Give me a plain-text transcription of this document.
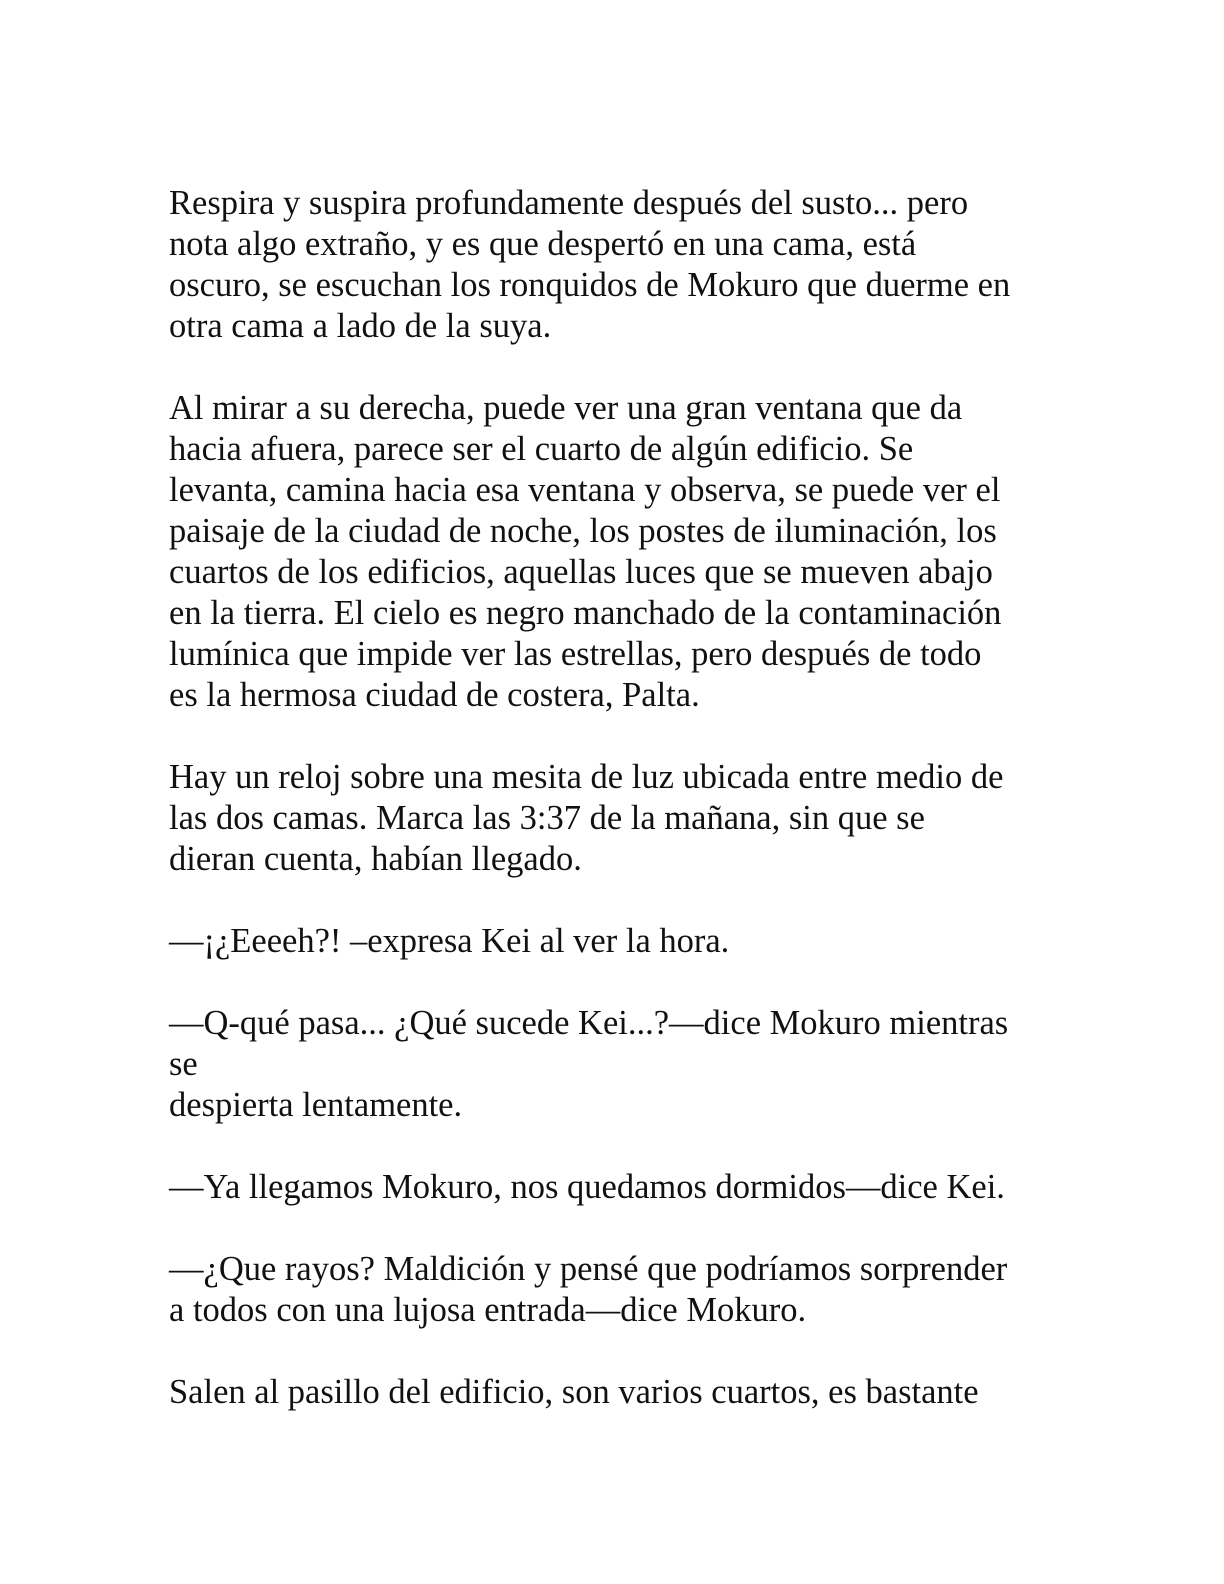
Respira y suspira profundamente después del susto... pero
nota algo extraño, y es que despertó en una cama, está
oscuro, se escuchan los ronquidos de Mokuro que duerme en
otra cama a lado de la suya.

Al mirar a su derecha, puede ver una gran ventana que da
hacia afuera, parece ser el cuarto de algún edificio. Se
levanta, camina hacia esa ventana y observa, se puede ver el
paisaje de la ciudad de noche, los postes de iluminación, los
cuartos de los edificios, aquellas luces que se mueven abajo
en la tierra. El cielo es negro manchado de la contaminación
lumínica que impide ver las estrellas, pero después de todo
es la hermosa ciudad de costera, Palta.

Hay un reloj sobre una mesita de luz ubicada entre medio de
las dos camas. Marca las 3:37 de la mañana, sin que se
dieran cuenta, habían llegado.

—¡¿Eeeeh?! –expresa Kei al ver la hora.

—Q-qué pasa... ¿Qué sucede Kei...?—dice Mokuro mientras
se
despierta lentamente.

—Ya llegamos Mokuro, nos quedamos dormidos—dice Kei.

—¿Que rayos? Maldición y pensé que podríamos sorprender
a todos con una lujosa entrada—dice Mokuro.

Salen al pasillo del edificio, son varios cuartos, es bastante
